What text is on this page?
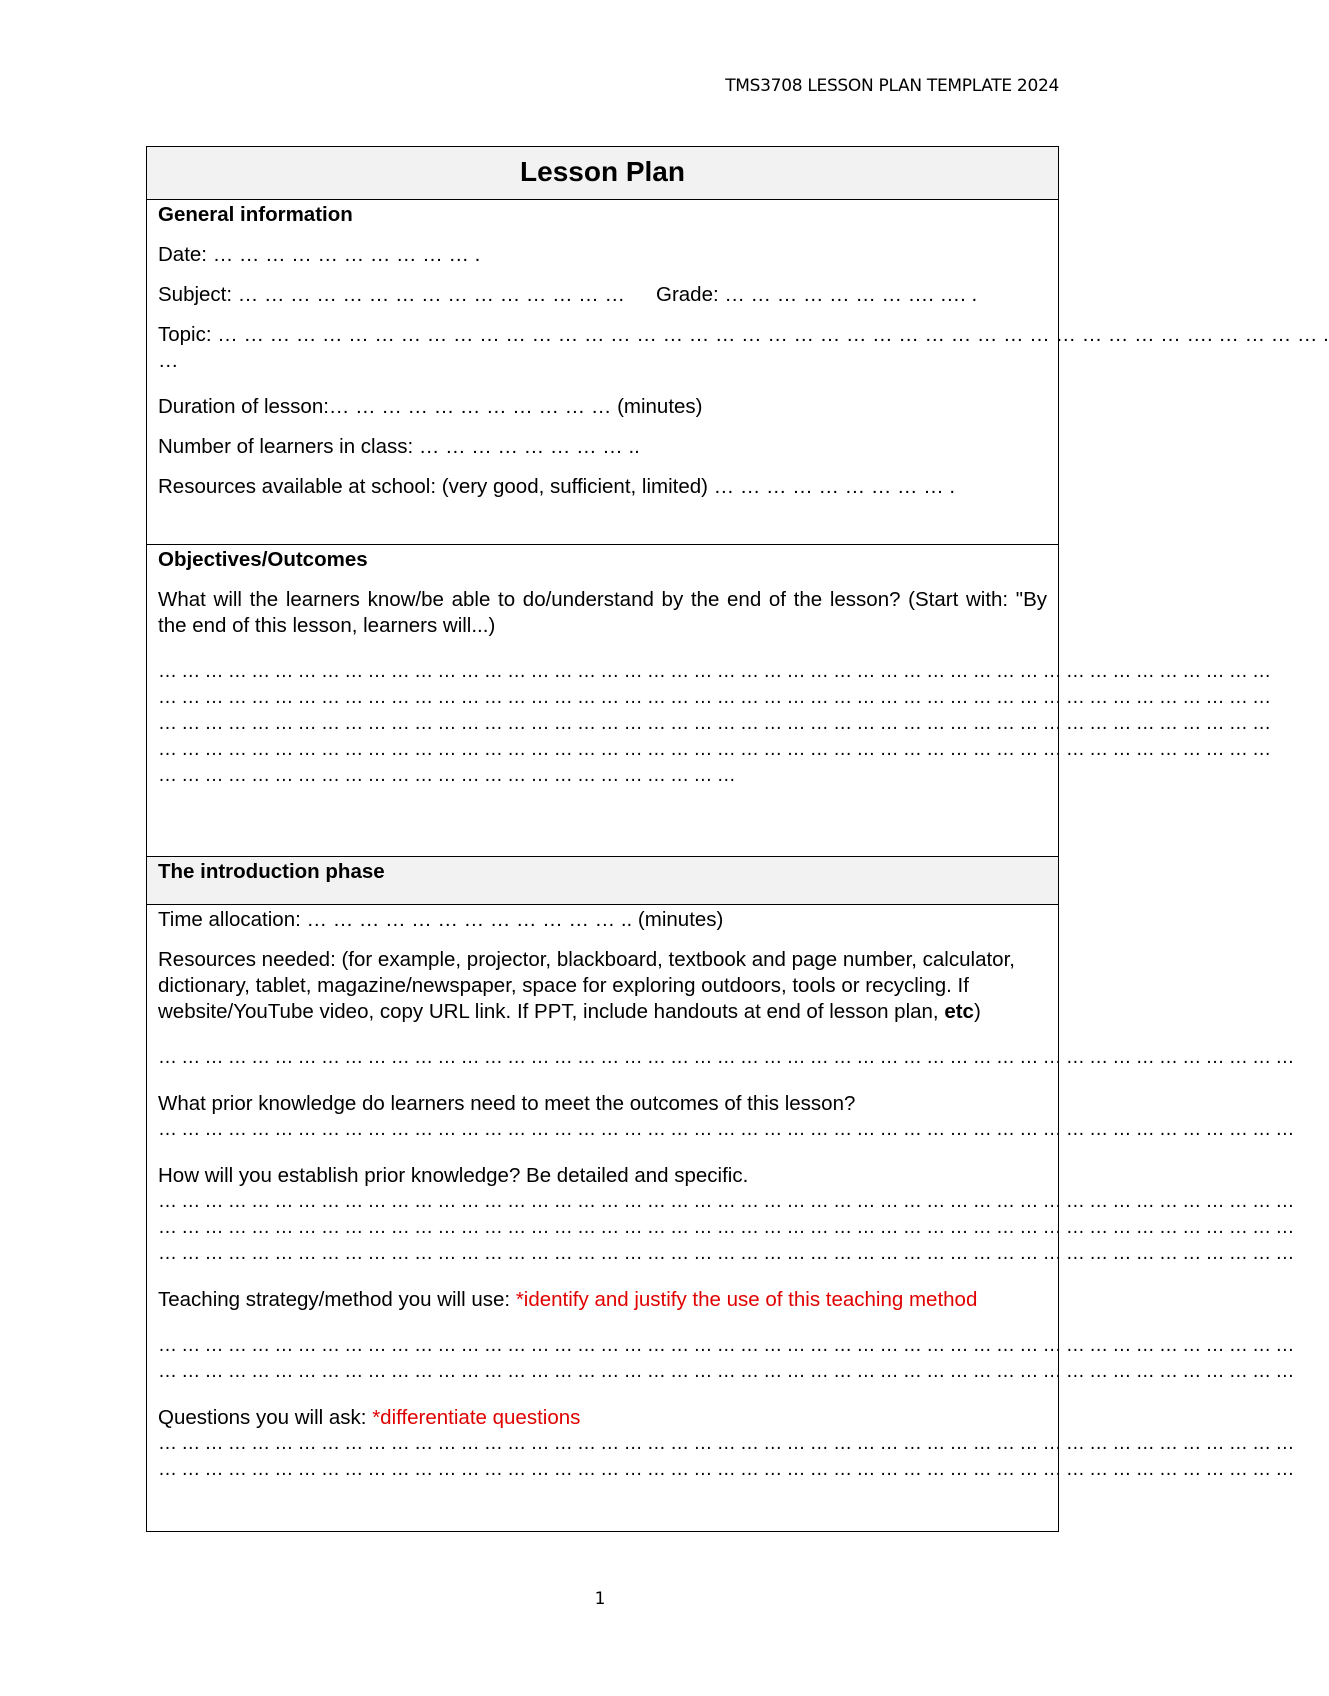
TMS3708 LESSON PLAN TEMPLATE 2024
Lesson Plan

General information
Date: … … … … … … … … … … .
Subject: … … … … … … … … … … … … … … … Grade: … … … … … … … …. …. .
Topic: … … … … … … … … … … … … … … … … … … … … … … … … … … … … … … … … … … … … … …. … … … … .
…
Duration of lesson:… … … … … … … … … … … (minutes)
Number of learners in class: … … … … … … … … ..
Resources available at school: (very good, sufficient, limited) … … … … … … … … … .

Objectives/Outcomes
What will the learners know/be able to do/understand by the end of the lesson? (Start with: "By the end of this lesson, learners will...)
… … … … … … … … … … … … … … … … … … … … … … … … … … … … … … … … … … … … … … … … … … … … … … … …
… … … … … … … … … … … … … … … … … … … … … … … … … … … … … … … … … … … … … … … … … … … … … … … …
… … … … … … … … … … … … … … … … … … … … … … … … … … … … … … … … … … … … … … … … … … … … … … … …
… … … … … … … … … … … … … … … … … … … … … … … … … … … … … … … … … … … … … … … … … … … … … … … …
… … … … … … … … … … … … … … … … … … … … … … … … …

The introduction phase

Time allocation: … … … … … … … … … … … … .. (minutes)
Resources needed: (for example, projector, blackboard, textbook and page number, calculator, dictionary, tablet, magazine/newspaper, space for exploring outdoors, tools or recycling. If website/YouTube video, copy URL link. If PPT, include handouts at end of lesson plan, etc)
… … … … … … … … … … … … … … … … … … … … … … … … … … … … … … … … … … … … … … … … … … … … … … … … …
What prior knowledge do learners need to meet the outcomes of this lesson?
… … … … … … … … … … … … … … … … … … … … … … … … … … … … … … … … … … … … … … … … … … … … … … … … …
How will you establish prior knowledge? Be detailed and specific.
… … … … … … … … … … … … … … … … … … … … … … … … … … … … … … … … … … … … … … … … … … … … … … … … …
… … … … … … … … … … … … … … … … … … … … … … … … … … … … … … … … … … … … … … … … … … … … … … … … …
… … … … … … … … … … … … … … … … … … … … … … … … … … … … … … … … … … … … … … … … … … … … … … … … …
Teaching strategy/method you will use: *identify and justify the use of this teaching method
… … … … … … … … … … … … … … … … … … … … … … … … … … … … … … … … … … … … … … … … … … … … … … … … …
… … … … … … … … … … … … … … … … … … … … … … … … … … … … … … … … … … … … … … … … … … … … … … … … …
Questions you will ask: *differentiate questions
… … … … … … … … … … … … … … … … … … … … … … … … … … … … … … … … … … … … … … … … … … … … … … … … …
… … … … … … … … … … … … … … … … … … … … … … … … … … … … … … … … … … … … … … … … … … … … … … … … …
1
